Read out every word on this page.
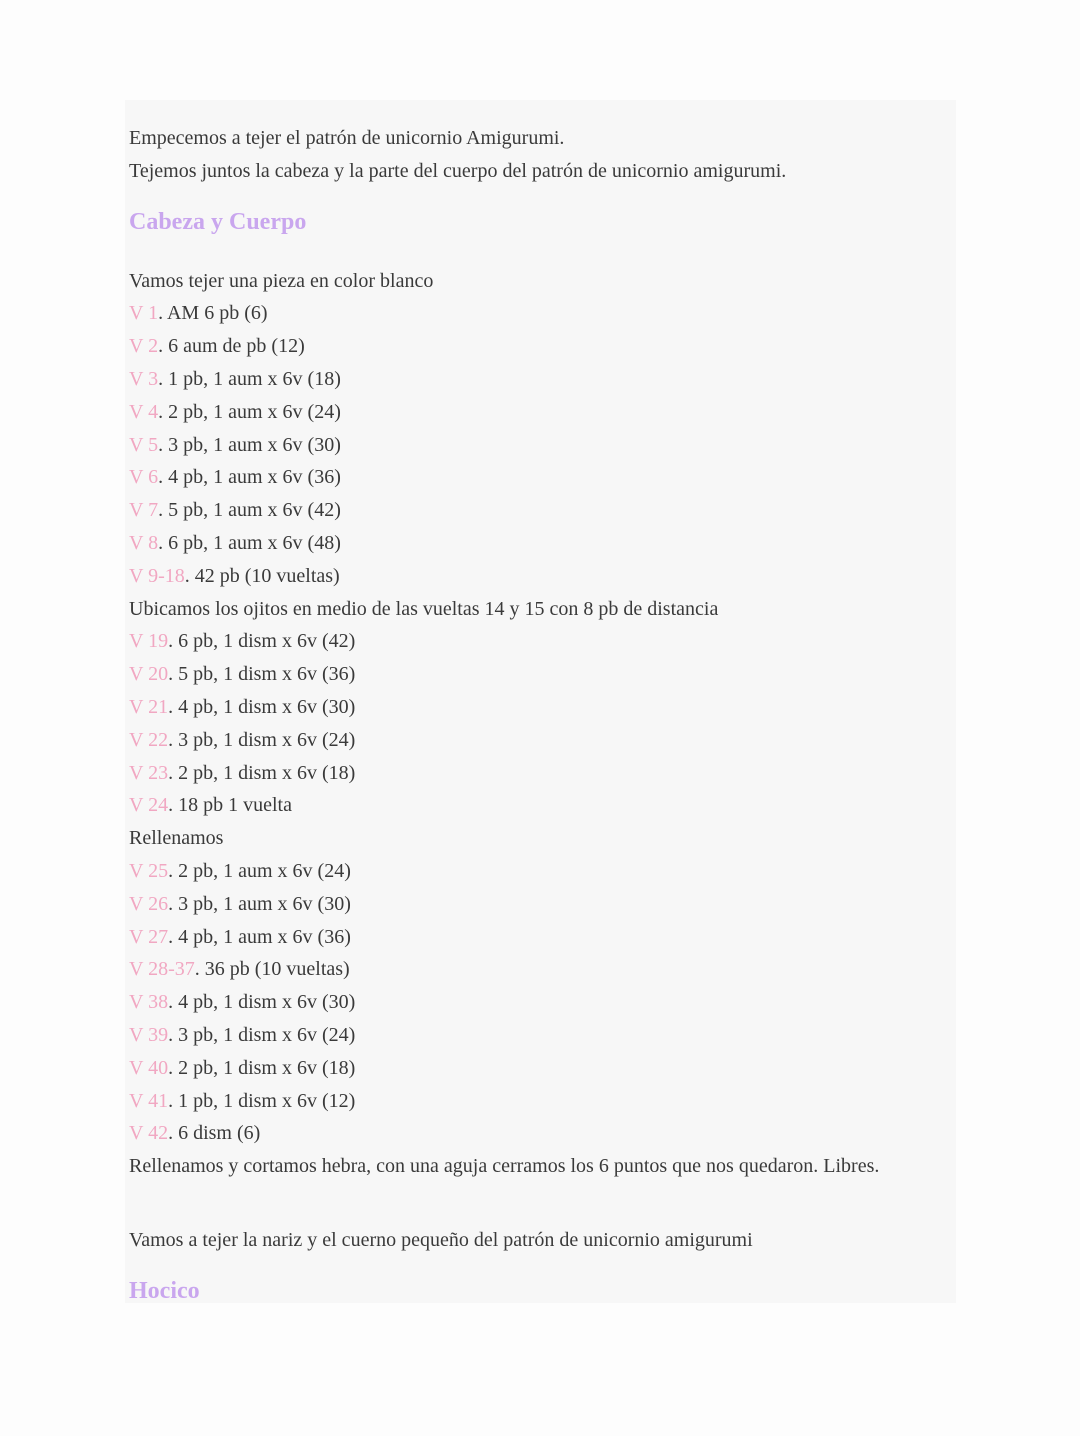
Empecemos a tejer el patrón de unicornio Amigurumi.
Tejemos juntos la cabeza y la parte del cuerpo del patrón de unicornio amigurumi.
Cabeza y Cuerpo
Vamos tejer una pieza en color blanco
V 1. AM 6 pb (6)
V 2. 6 aum de pb (12)
V 3. 1 pb, 1 aum x 6v (18)
V 4. 2 pb, 1 aum x 6v (24)
V 5. 3 pb, 1 aum x 6v (30)
V 6. 4 pb, 1 aum x 6v (36)
V 7. 5 pb, 1 aum x 6v (42)
V 8. 6 pb, 1 aum x 6v (48)
V 9-18. 42 pb (10 vueltas)
Ubicamos los ojitos en medio de las vueltas 14 y 15 con 8 pb de distancia
V 19. 6 pb, 1 dism x 6v (42)
V 20. 5 pb, 1 dism x 6v (36)
V 21. 4 pb, 1 dism x 6v (30)
V 22. 3 pb, 1 dism x 6v (24)
V 23. 2 pb, 1 dism x 6v (18)
V 24. 18 pb 1 vuelta
Rellenamos
V 25. 2 pb, 1 aum x 6v (24)
V 26. 3 pb, 1 aum x 6v (30)
V 27. 4 pb, 1 aum x 6v (36)
V 28-37. 36 pb (10 vueltas)
V 38. 4 pb, 1 dism x 6v (30)
V 39. 3 pb, 1 dism x 6v (24)
V 40. 2 pb, 1 dism x 6v (18)
V 41. 1 pb, 1 dism x 6v (12)
V 42. 6 dism (6)
Rellenamos y cortamos hebra, con una aguja cerramos los 6 puntos que nos quedaron. Libres.
Vamos a tejer la nariz y el cuerno pequeño del patrón de unicornio amigurumi
Hocico
